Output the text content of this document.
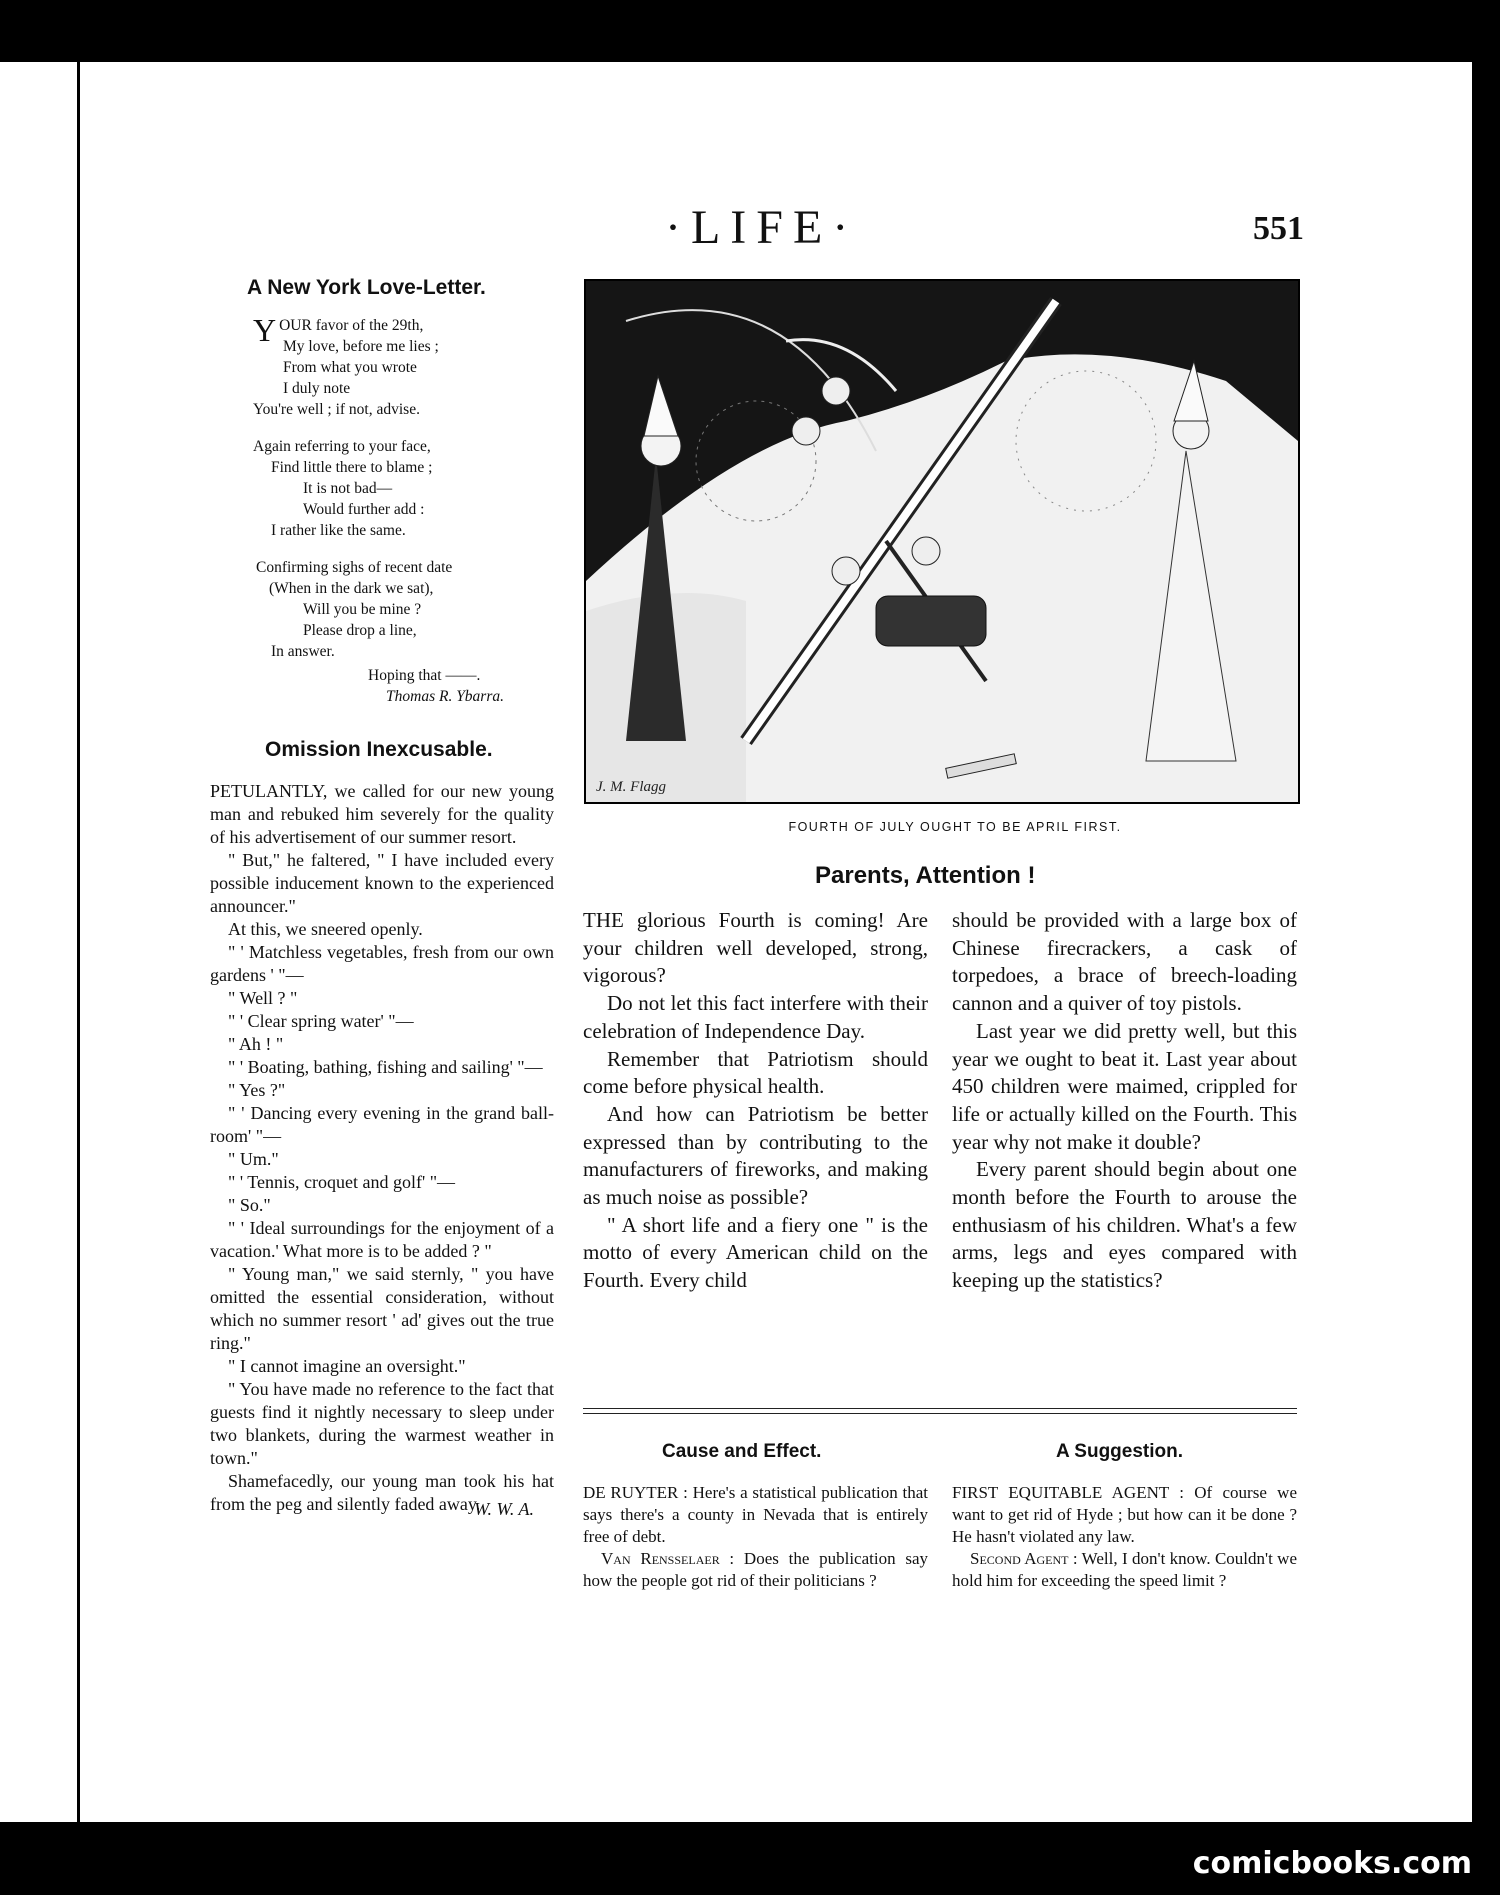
·LIFE·	551
A New York Love-Letter.
YOUR favor of the 29th,
My love, before me lies ;
From what you wrote
I duly note
You're well ; if not, advise.
Again referring to your face,
Find little there to blame ;
It is not bad—
Would further add :
I rather like the same.
Confirming sighs of recent date
(When in the dark we sat),
Will you be mine ?
Please drop a line,
In answer.
Hoping that ——.
Thomas R. Ybarra.
Omission Inexcusable.

PETULANTLY, we called for our new young man and rebuked him severely for the quality of his advertisement of our summer resort.

" But," he faltered, " I have included every possible inducement known to the experienced announcer."

At this, we sneered openly.

" ' Matchless vegetables, fresh from our own gardens ' "—

" Well ? "

" ' Clear spring water' "—

" Ah ! "

" ' Boating, bathing, fishing and sailing' "—

" Yes ?"

" ' Dancing every evening in the grand ball-room' "—

" Um."

" ' Tennis, croquet and golf' "—

" So."

" ' Ideal surroundings for the enjoyment of a vacation.' What more is to be added ? "

" Young man," we said sternly, " you have omitted the essential consideration, without which no summer resort ' ad' gives out the true ring."

" I cannot imagine an oversight."

" You have made no reference to the fact that guests find it nightly necessary to sleep under two blankets, during the warmest weather in town."

Shamefacedly, our young man took his hat from the peg and silently faded away.

W. W. A.
J. M. Flagg
FOURTH OF JULY OUGHT TO BE APRIL FIRST.
Parents, Attention !

THE glorious Fourth is coming! Are your children well developed, strong, vigorous?

Do not let this fact interfere with their celebration of Independence Day.

Remember that Patriotism should come before physical health.

And how can Patriotism be better expressed than by contributing to the manufacturers of fireworks, and making as much noise as possible?

" A short life and a fiery one " is the motto of every American child on the Fourth. Every child

should be provided with a large box of Chinese firecrackers, a cask of torpedoes, a brace of breech-loading cannon and a quiver of toy pistols.

Last year we did pretty well, but this year we ought to beat it. Last year about 450 children were maimed, crippled for life or actually killed on the Fourth. This year why not make it double?

Every parent should begin about one month before the Fourth to arouse the enthusiasm of his children. What's a few arms, legs and eyes compared with keeping up the statistics?

Cause and Effect.

DE RUYTER : Here's a statistical publication that says there's a county in Nevada that is entirely free of debt.

Van Rensselaer : Does the publication say how the people got rid of their politicians ?

A Suggestion.

FIRST EQUITABLE AGENT : Of course we want to get rid of Hyde ; but how can it be done ? He hasn't violated any law.

Second Agent : Well, I don't know. Couldn't we hold him for exceeding the speed limit ?

comicbooks.com
